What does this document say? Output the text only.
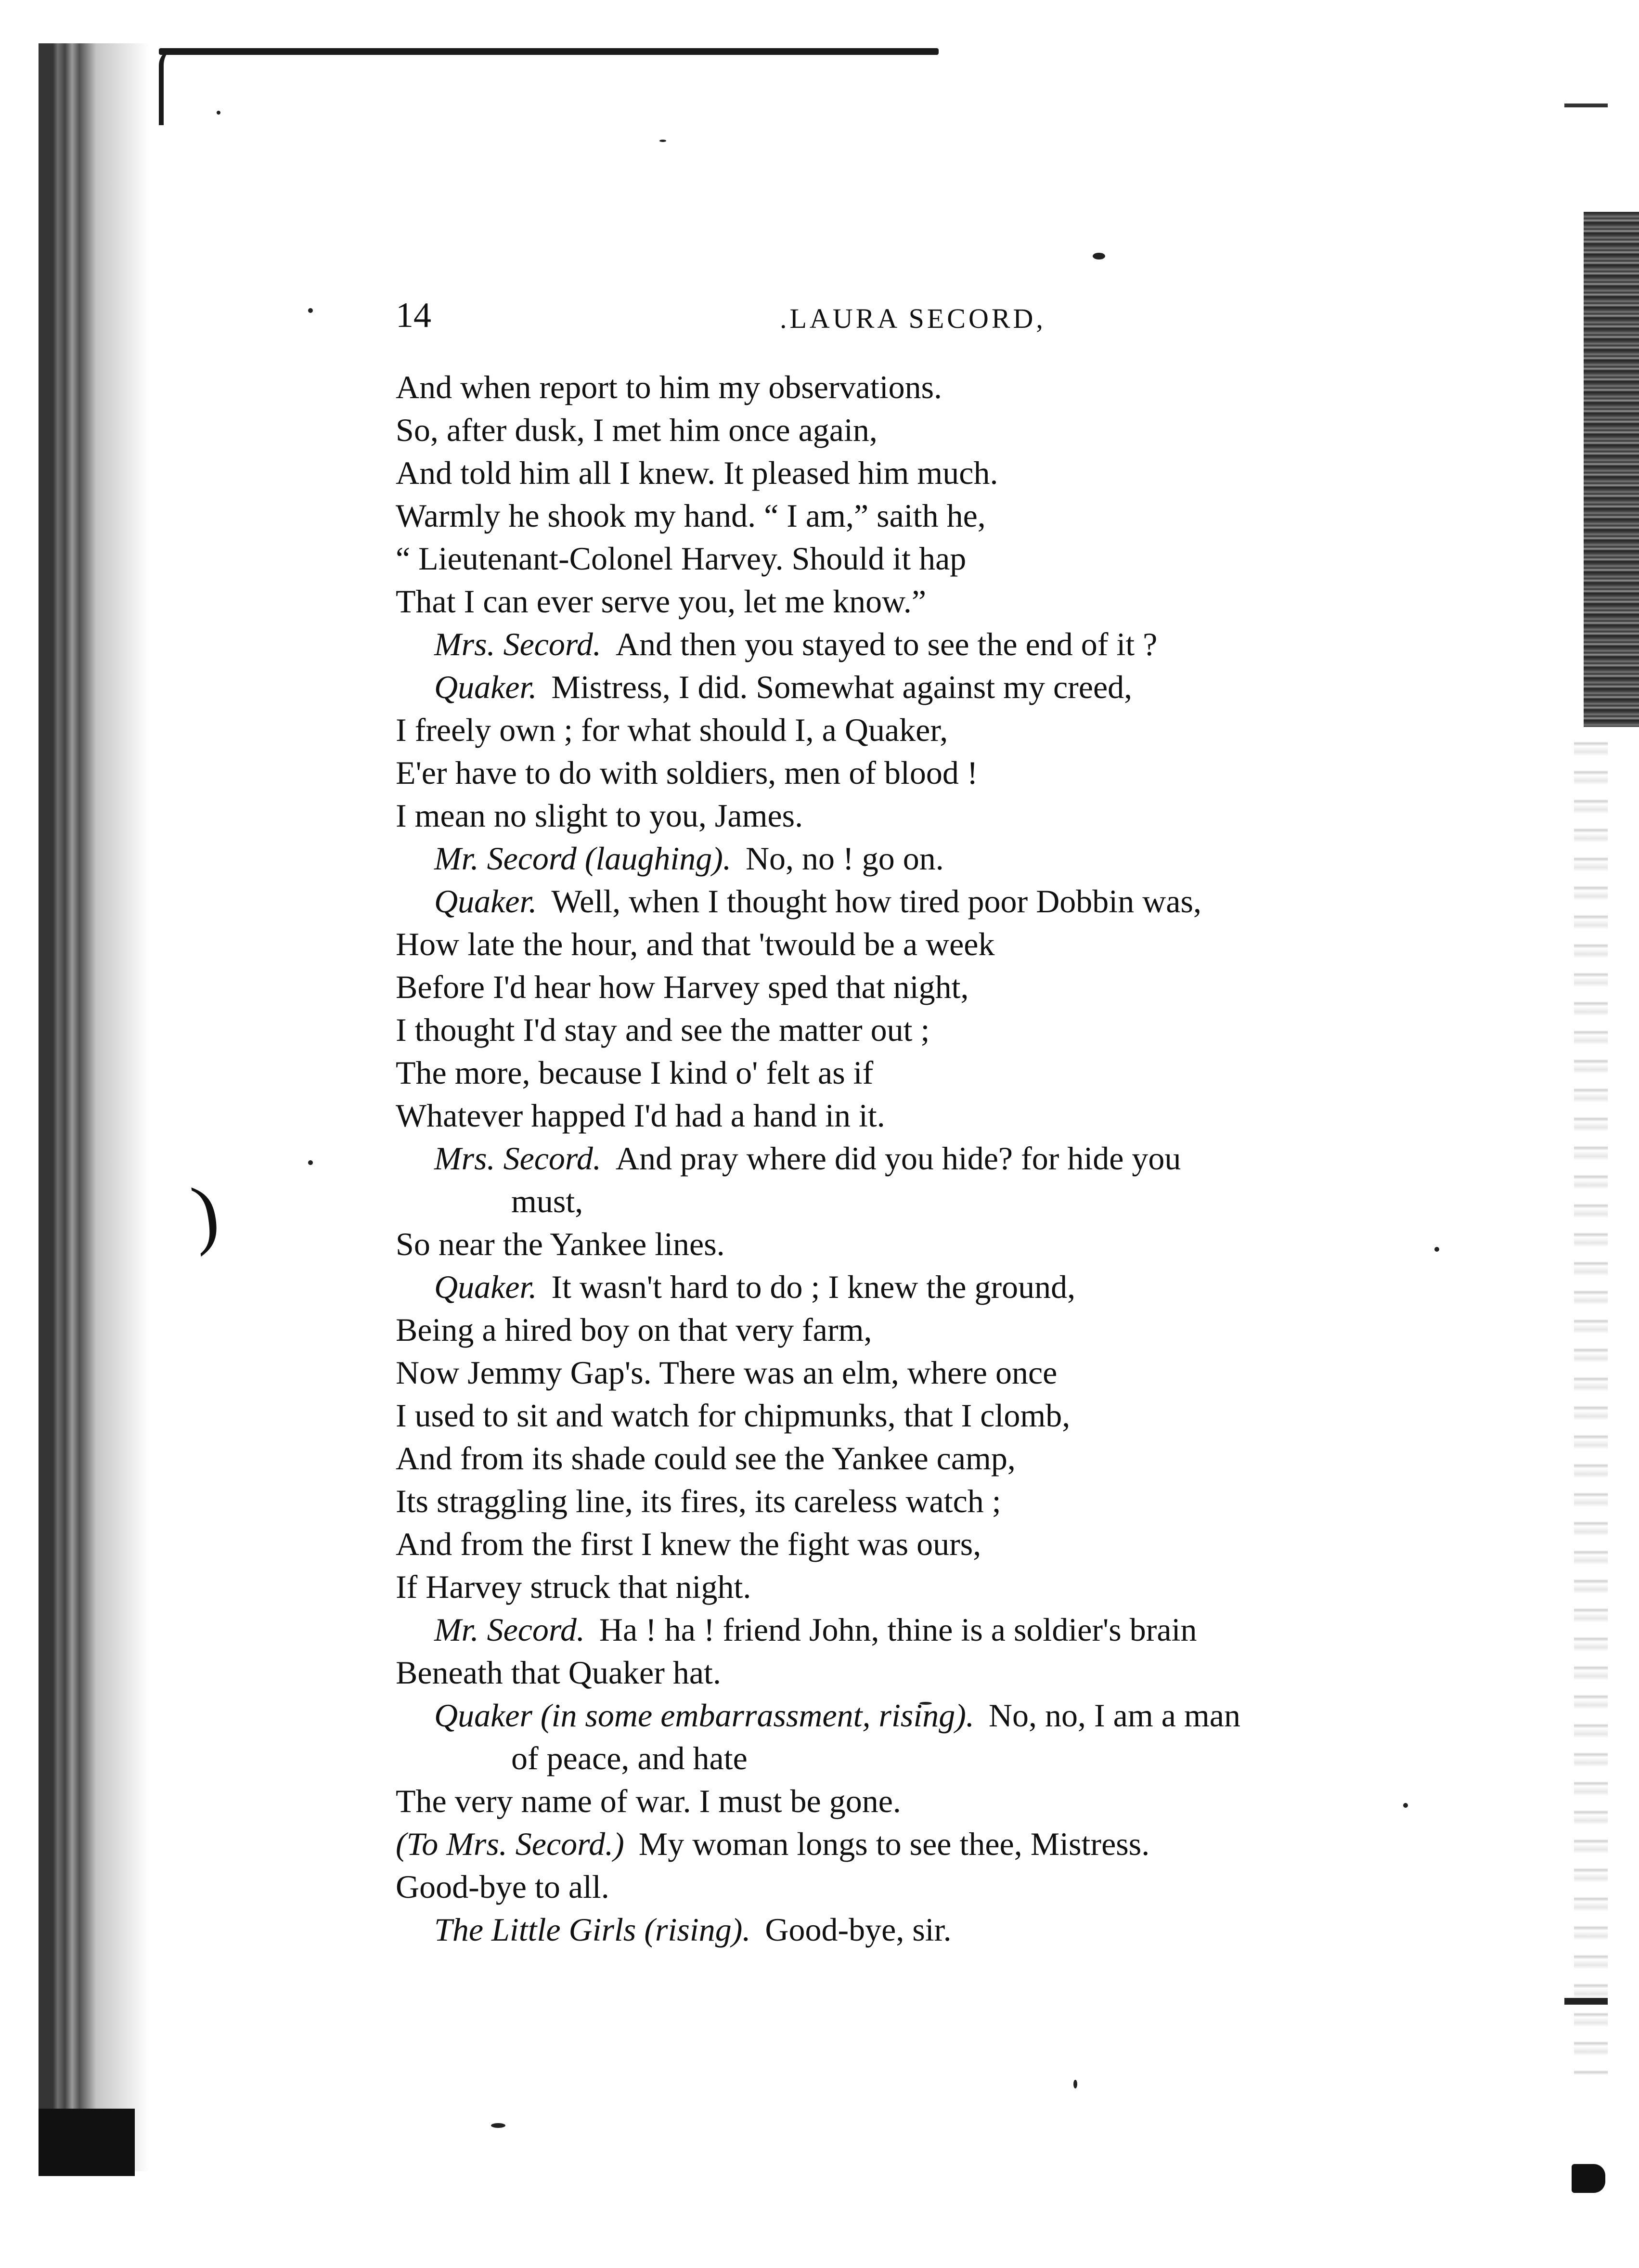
)
14	.LAURA SECORD,
And when report to him my observations.
So, after dusk, I met him once again,
And told him all I knew. It pleased him much.
Warmly he shook my hand. “ I am,” saith he,
“ Lieutenant-Colonel Harvey. Should it hap
That I can ever serve you, let me know.”
Mrs. Secord. And then you stayed to see the end of it ?
Quaker. Mistress, I did. Somewhat against my creed,
I freely own ; for what should I, a Quaker,
E'er have to do with soldiers, men of blood !
I mean no slight to you, James.
Mr. Secord (laughing). No, no ! go on.
Quaker. Well, when I thought how tired poor Dobbin was,
How late the hour, and that 'twould be a week
Before I'd hear how Harvey sped that night,
I thought I'd stay and see the matter out ;
The more, because I kind o' felt as if
Whatever happed I'd had a hand in it.
Mrs. Secord. And pray where did you hide? for hide you
must,
So near the Yankee lines.
Quaker. It wasn't hard to do ; I knew the ground,
Being a hired boy on that very farm,
Now Jemmy Gap's. There was an elm, where once
I used to sit and watch for chipmunks, that I clomb,
And from its shade could see the Yankee camp,
Its straggling line, its fires, its careless watch ;
And from the first I knew the fight was ours,
If Harvey struck that night.
Mr. Secord. Ha ! ha ! friend John, thine is a soldier's brain
Beneath that Quaker hat.
Quaker (in some embarrassment, rising). No, no, I am a man
of peace, and hate
The very name of war. I must be gone.
(To Mrs. Secord.) My woman longs to see thee, Mistress.
Good-bye to all.
The Little Girls (rising). Good-bye, sir.
